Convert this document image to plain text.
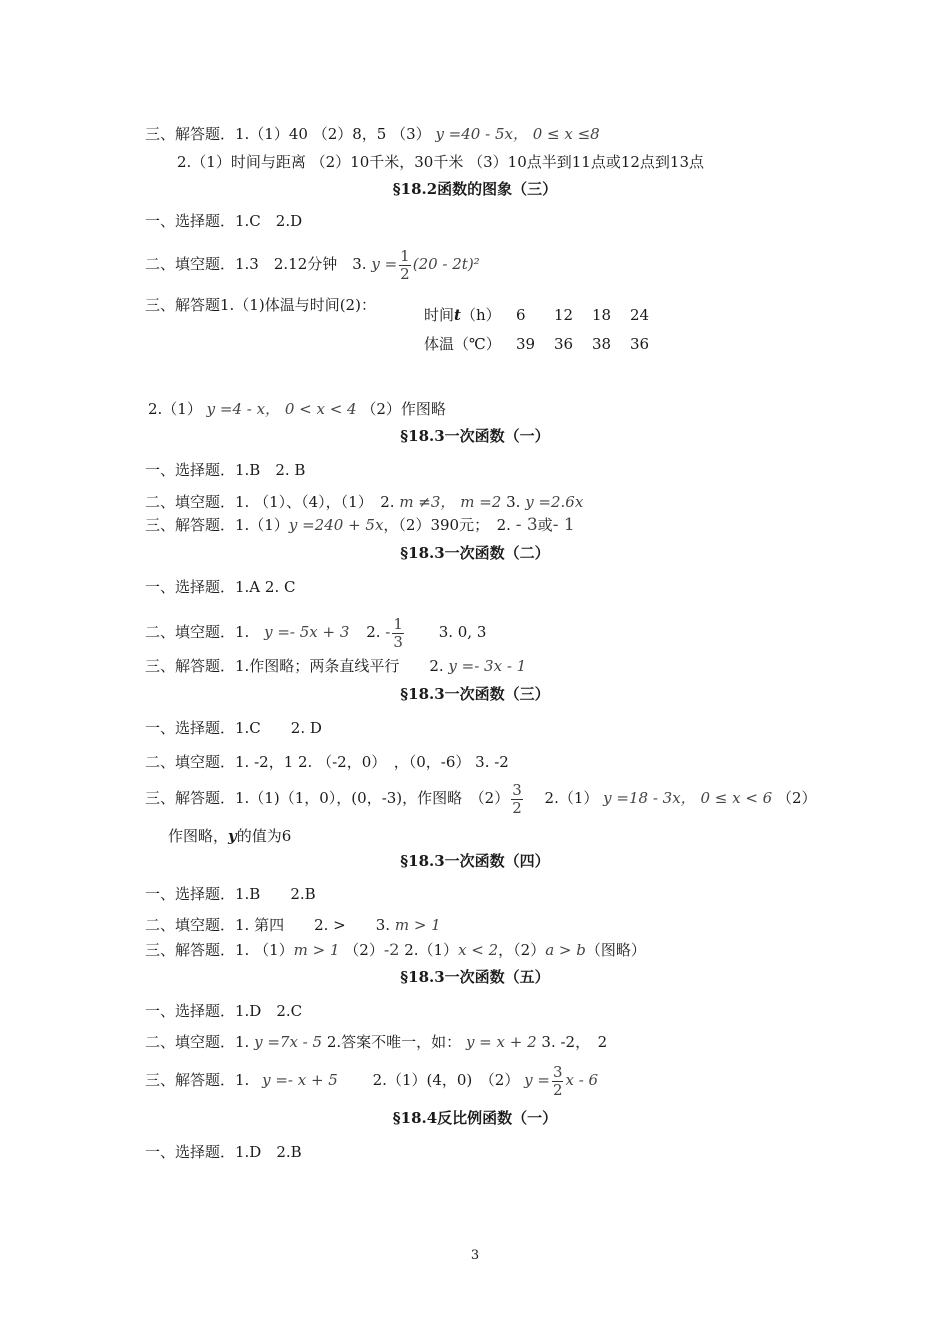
三、解答题．1.（1）40 （2）8，5 （3） y =40 - 5x， 0 ≤ x ≤8
2.（1）时间与距离 （2）10千米，30千米 （3）10点半到11点或12点到13点
§18.2函数的图象（三）
一、选择题．1.C　2.D
二、填空题．1.3　2.12分钟　3. $y = \frac{1}{2} (20 - 2t)^2$
三、解答题1.（1)体温与时间(2)：
时间t（h）	6	12	18	24
体温（℃）	39	36	38	36
2.（1） y =4 - x， 0 < x < 4 （2）作图略
§18.3一次函数（一）
一、选择题．1.B　2. B
二、填空题．1. （1）、（4），（1）　2. m ≠3， m =2 3. y =2.6x
三、解答题．1.（1）y =240 + 5x，（2）390元；　2. - 3或- 1
§18.3一次函数（二）
一、选择题．1.A 2. C
二、填空题．1. y =- 5x + 3 2. - $\frac{1}{3} 3$. 0, 3
三、解答题．1.作图略；两条直线平行　　2. y =- 3x - 1
§18.3一次函数（三）
一、选择题．1.C　　2. D
二、填空题．1. -2，1 2. （-2，0）　，（0，-6） 3. -2
三、解答题．1.（1)（1，0），(0，-3)，作图略　$(2) \frac{3}{2}$ 　2.（1） y =18 - 3x， 0 ≤ x < 6 （2）
作图略，y的值为6
§18.3一次函数（四）
一、选择题．1.B　　2.B
二、填空题．1. 第四　　2. >　　3. m > 1
三、解答题．1. （1）m > 1 （2）-2 2.（1）x < 2，（2）a > b（图略）
§18.3一次函数（五）
一、选择题．1.D　2.C
二、填空题．1. y =7x - 5 2.答案不唯一，如： y = x + 2 3. -2，　2
三、解答题．1. y =- x + 5 　　2.（1）(4，0)　（2） $y = \frac{3}{2}$ x - 6
§18.4反比例函数（一）
一、选择题．1.D　2.B
3
